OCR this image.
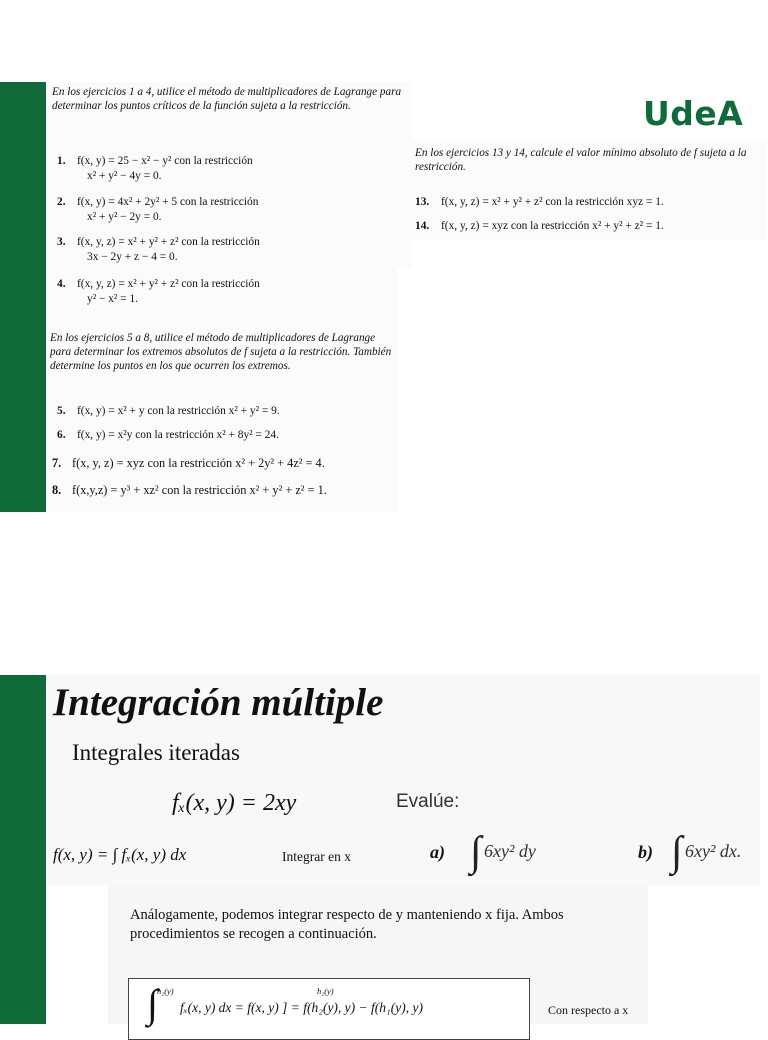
UdeA
En los ejercicios 1 a 4, utilice el método de multiplicadores de Lagrange para determinar los puntos críticos de la función sujeta a la restricción.
1. f(x, y) = 25 − x² − y² con la restricción
x² + y² − 4y = 0.
2. f(x, y) = 4x² + 2y² + 5 con la restricción
x² + y² − 2y = 0.
3. f(x, y, z) = x² + y² + z² con la restricción
3x − 2y + z − 4 = 0.
4. f(x, y, z) = x² + y² + z² con la restricción
y² − x² = 1.
En los ejercicios 5 a 8, utilice el método de multiplicadores de Lagrange para determinar los extremos absolutos de f sujeta a la restricción. También determine los puntos en los que ocurren los extremos.
5. f(x, y) = x² + y con la restricción x² + y² = 9.
6. f(x, y) = x²y con la restricción x² + 8y² = 24.
7. f(x, y, z) = xyz con la restricción x² + 2y² + 4z² = 4.
8. f(x,y,z) = y³ + xz² con la restricción x² + y² + z² = 1.
En los ejercicios 13 y 14, calcule el valor mínimo absoluto de f sujeta a la restricción.
13. f(x, y, z) = x² + y² + z² con la restricción xyz = 1.
14. f(x, y, z) = xyz con la restricción x² + y² + z² = 1.
Integración múltiple
Integrales iteradas
fₓ(x, y) = 2xy	Evalúe:
f(x, y) = ∫ fₓ(x, y) dx	Integrar en x	a) ∫ 6xy² dy	b) ∫ 6xy² dx.
Análogamente, podemos integrar respecto de y manteniendo x fija. Ambos procedimientos se recogen a continuación.
∫ h₂(y)	h₂(y)
fₓ(x, y) dx = f(x, y) ] = f(h₂(y), y) − f(h₁(y), y)	Con respecto a x
